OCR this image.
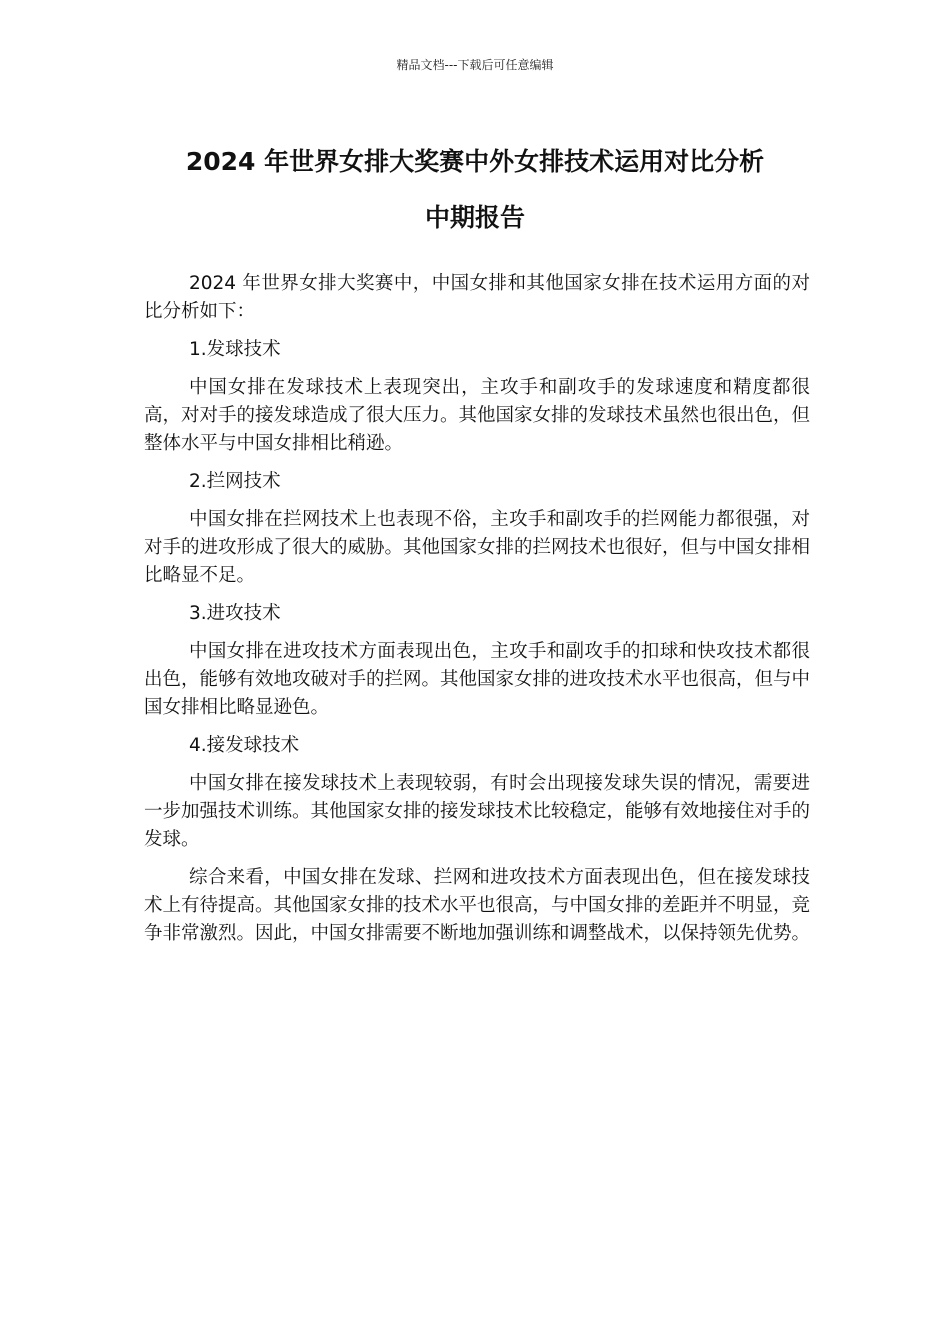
精品文档---下载后可任意编辑
2024 年世界女排大奖赛中外女排技术运用对比分析
中期报告

2024 年世界女排大奖赛中，中国女排和其他国家女排在技术运用方面的对比分析如下：

1.发球技术

中国女排在发球技术上表现突出，主攻手和副攻手的发球速度和精度都很高，对对手的接发球造成了很大压力。其他国家女排的发球技术虽然也很出色，但整体水平与中国女排相比稍逊。

2.拦网技术

中国女排在拦网技术上也表现不俗，主攻手和副攻手的拦网能力都很强，对对手的进攻形成了很大的威胁。其他国家女排的拦网技术也很好，但与中国女排相比略显不足。

3.进攻技术

中国女排在进攻技术方面表现出色，主攻手和副攻手的扣球和快攻技术都很出色，能够有效地攻破对手的拦网。其他国家女排的进攻技术水平也很高，但与中国女排相比略显逊色。

4.接发球技术

中国女排在接发球技术上表现较弱，有时会出现接发球失误的情况，需要进一步加强技术训练。其他国家女排的接发球技术比较稳定，能够有效地接住对手的发球。

综合来看，中国女排在发球、拦网和进攻技术方面表现出色，但在接发球技术上有待提高。其他国家女排的技术水平也很高，与中国女排的差距并不明显，竞争非常激烈。因此，中国女排需要不断地加强训练和调整战术，以保持领先优势。
